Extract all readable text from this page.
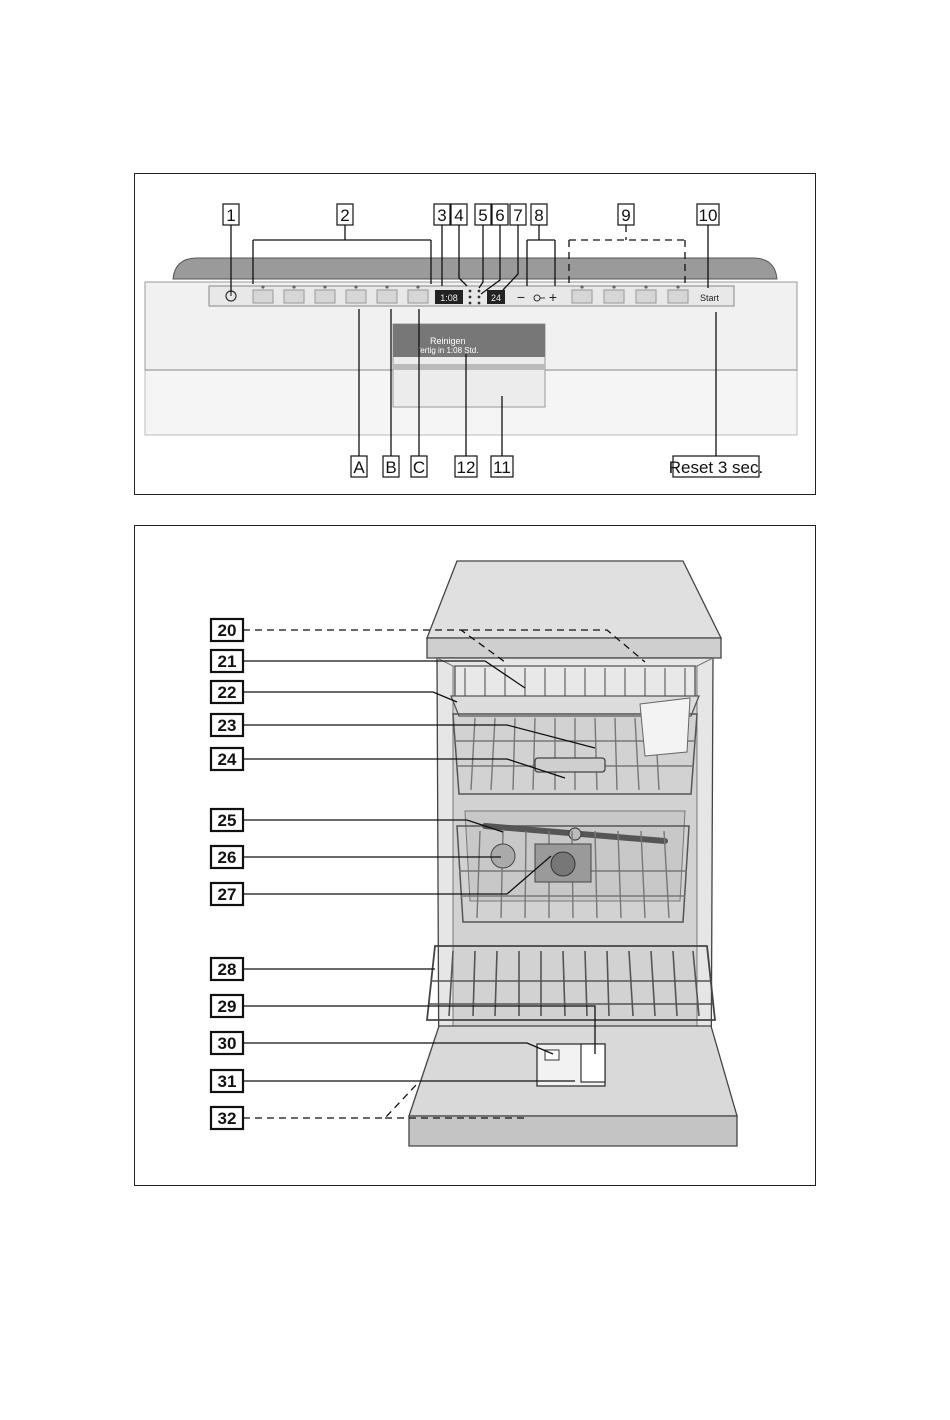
1:08	24 − +	Start
Reinigen
fertig in 1:08 Std.
1	2	3 4 5 6 7 8	9	10
A B C 12 11	Reset 3 sec.
20
21
22
23
24
25
26
27
28
29
30
31
32
